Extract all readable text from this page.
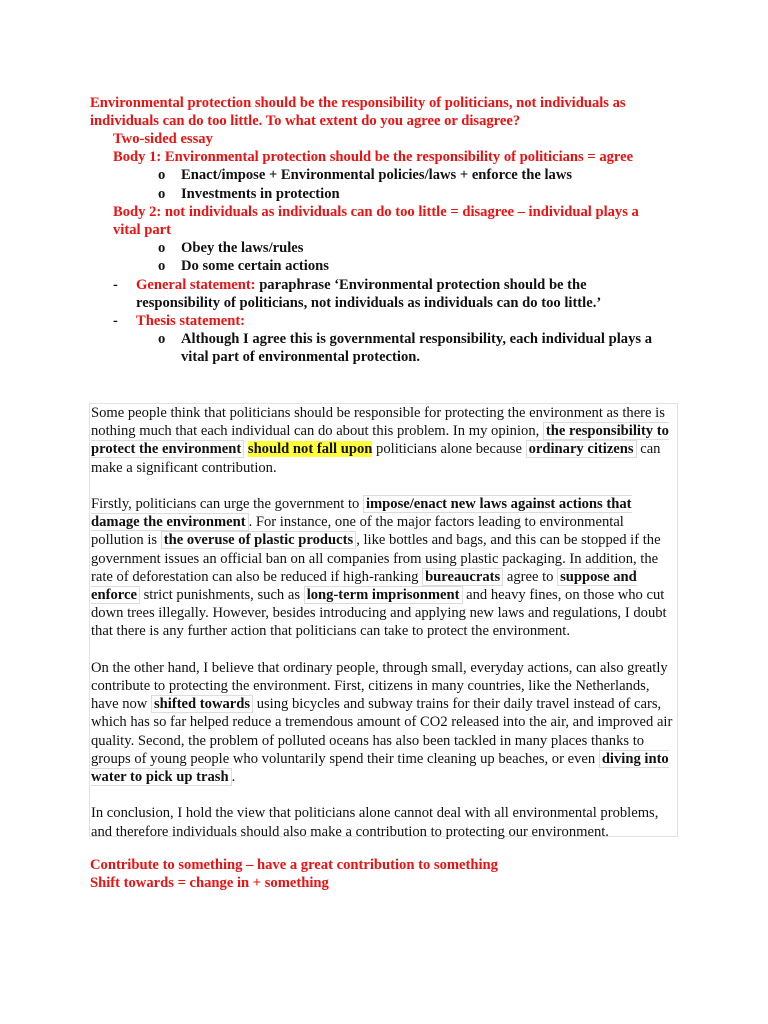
Environmental protection should be the responsibility of politicians, not individuals as
individuals can do too little. To what extent do you agree or disagree?
Two-sided essay
Body 1: Environmental protection should be the responsibility of politicians = agree
o Enact/impose + Environmental policies/laws + enforce the laws
o Investments in protection
Body 2: not individuals as individuals can do too little = disagree – individual plays a
vital part
o Obey the laws/rules
o Do some certain actions
- General statement: paraphrase ‘Environmental protection should be the
responsibility of politicians, not individuals as individuals can do too little.’
- Thesis statement:
o Although I agree this is governmental responsibility, each individual plays a
vital part of environmental protection.

Some people think that politicians should be responsible for protecting the environment as there is nothing much that each individual can do about this problem. In my opinion, the responsibility to protect the environment should not fall upon politicians alone because ordinary citizens can make a significant contribution.

Firstly, politicians can urge the government to impose/enact new laws against actions that damage the environment . For instance, one of the major factors leading to environmental pollution is the overuse of plastic products , like bottles and bags, and this can be stopped if the government issues an official ban on all companies from using plastic packaging. In addition, the rate of deforestation can also be reduced if high-ranking bureaucrats agree to suppose and enforce strict punishments, such as long-term imprisonment and heavy fines, on those who cut down trees illegally. However, besides introducing and applying new laws and regulations, I doubt that there is any further action that politicians can take to protect the environment.

On the other hand, I believe that ordinary people, through small, everyday actions, can also greatly contribute to protecting the environment. First, citizens in many countries, like the Netherlands, have now shifted towards using bicycles and subway trains for their daily travel instead of cars, which has so far helped reduce a tremendous amount of CO2 released into the air, and improved air quality. Second, the problem of polluted oceans has also been tackled in many places thanks to groups of young people who voluntarily spend their time cleaning up beaches, or even diving into water to pick up trash .

In conclusion, I hold the view that politicians alone cannot deal with all environmental problems, and therefore individuals should also make a contribution to protecting our environment.

Contribute to something – have a great contribution to something
Shift towards = change in + something
